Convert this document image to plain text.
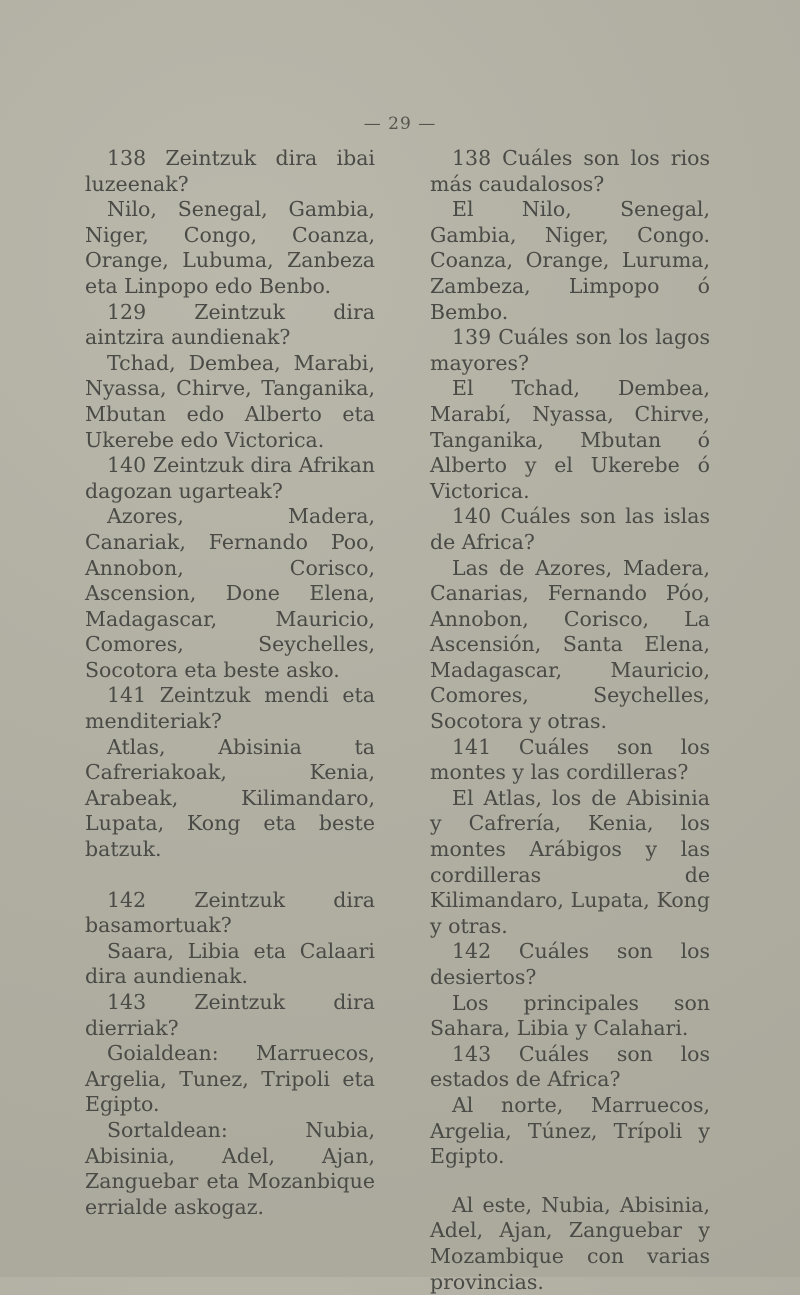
— 29 —

138 Zeintzuk dira ibai luzeenak?

Nilo, Senegal, Gambia, Niger, Congo, Coanza, Orange, Lubuma, Zanbeza eta Linpopo edo Benbo.

129 Zeintzuk dira aintzira aundienak?

Tchad, Dembea, Marabi, Nyassa, Chirve, Tanganika, Mbutan edo Alberto eta Ukerebe edo Victorica.

140 Zeintzuk dira Afrikan dagozan ugarteak?

Azores, Madera, Canariak, Fernando Poo, Annobon, Corisco, Ascension, Done Elena, Madagascar, Mauricio, Comores, Seychelles, Socotora eta beste asko.

141 Zeintzuk mendi eta menditeriak?

Atlas, Abisinia ta Cafreriakoak, Kenia, Arabeak, Kilimandaro, Lupata, Kong eta beste batzuk.

142 Zeintzuk dira basamortuak?

Saara, Libia eta Calaari dira aundienak.

143 Zeintzuk dira dierriak?

Goialdean: Marruecos, Argelia, Tunez, Tripoli eta Egipto.

Sortaldean: Nubia, Abisinia, Adel, Ajan, Zanguebar eta Mozanbique errialde askogaz.

138 Cuáles son los rios más caudalosos?

El Nilo, Senegal, Gambia, Niger, Congo. Coanza, Orange, Luruma, Zambeza, Limpopo ó Bembo.

139 Cuáles son los lagos mayores?

El Tchad, Dembea, Marabí, Nyassa, Chirve, Tanganika, Mbutan ó Alberto y el Ukerebe ó Victorica.

140 Cuáles son las islas de Africa?

Las de Azores, Madera, Canarias, Fernando Póo, Annobon, Corisco, La Ascensión, Santa Elena, Madagascar, Mauricio, Comores, Seychelles, Socotora y otras.

141 Cuáles son los montes y las cordilleras?

El Atlas, los de Abisinia y Cafrería, Kenia, los montes Arábigos y las cordilleras de Kilimandaro, Lupata, Kong y otras.

142 Cuáles son los desiertos?

Los principales son Sahara, Libia y Calahari.

143 Cuáles son los estados de Africa?

Al norte, Marruecos, Argelia, Túnez, Trípoli y Egipto.

Al este, Nubia, Abisinia, Adel, Ajan, Zanguebar y Mozambique con varias provincias.
